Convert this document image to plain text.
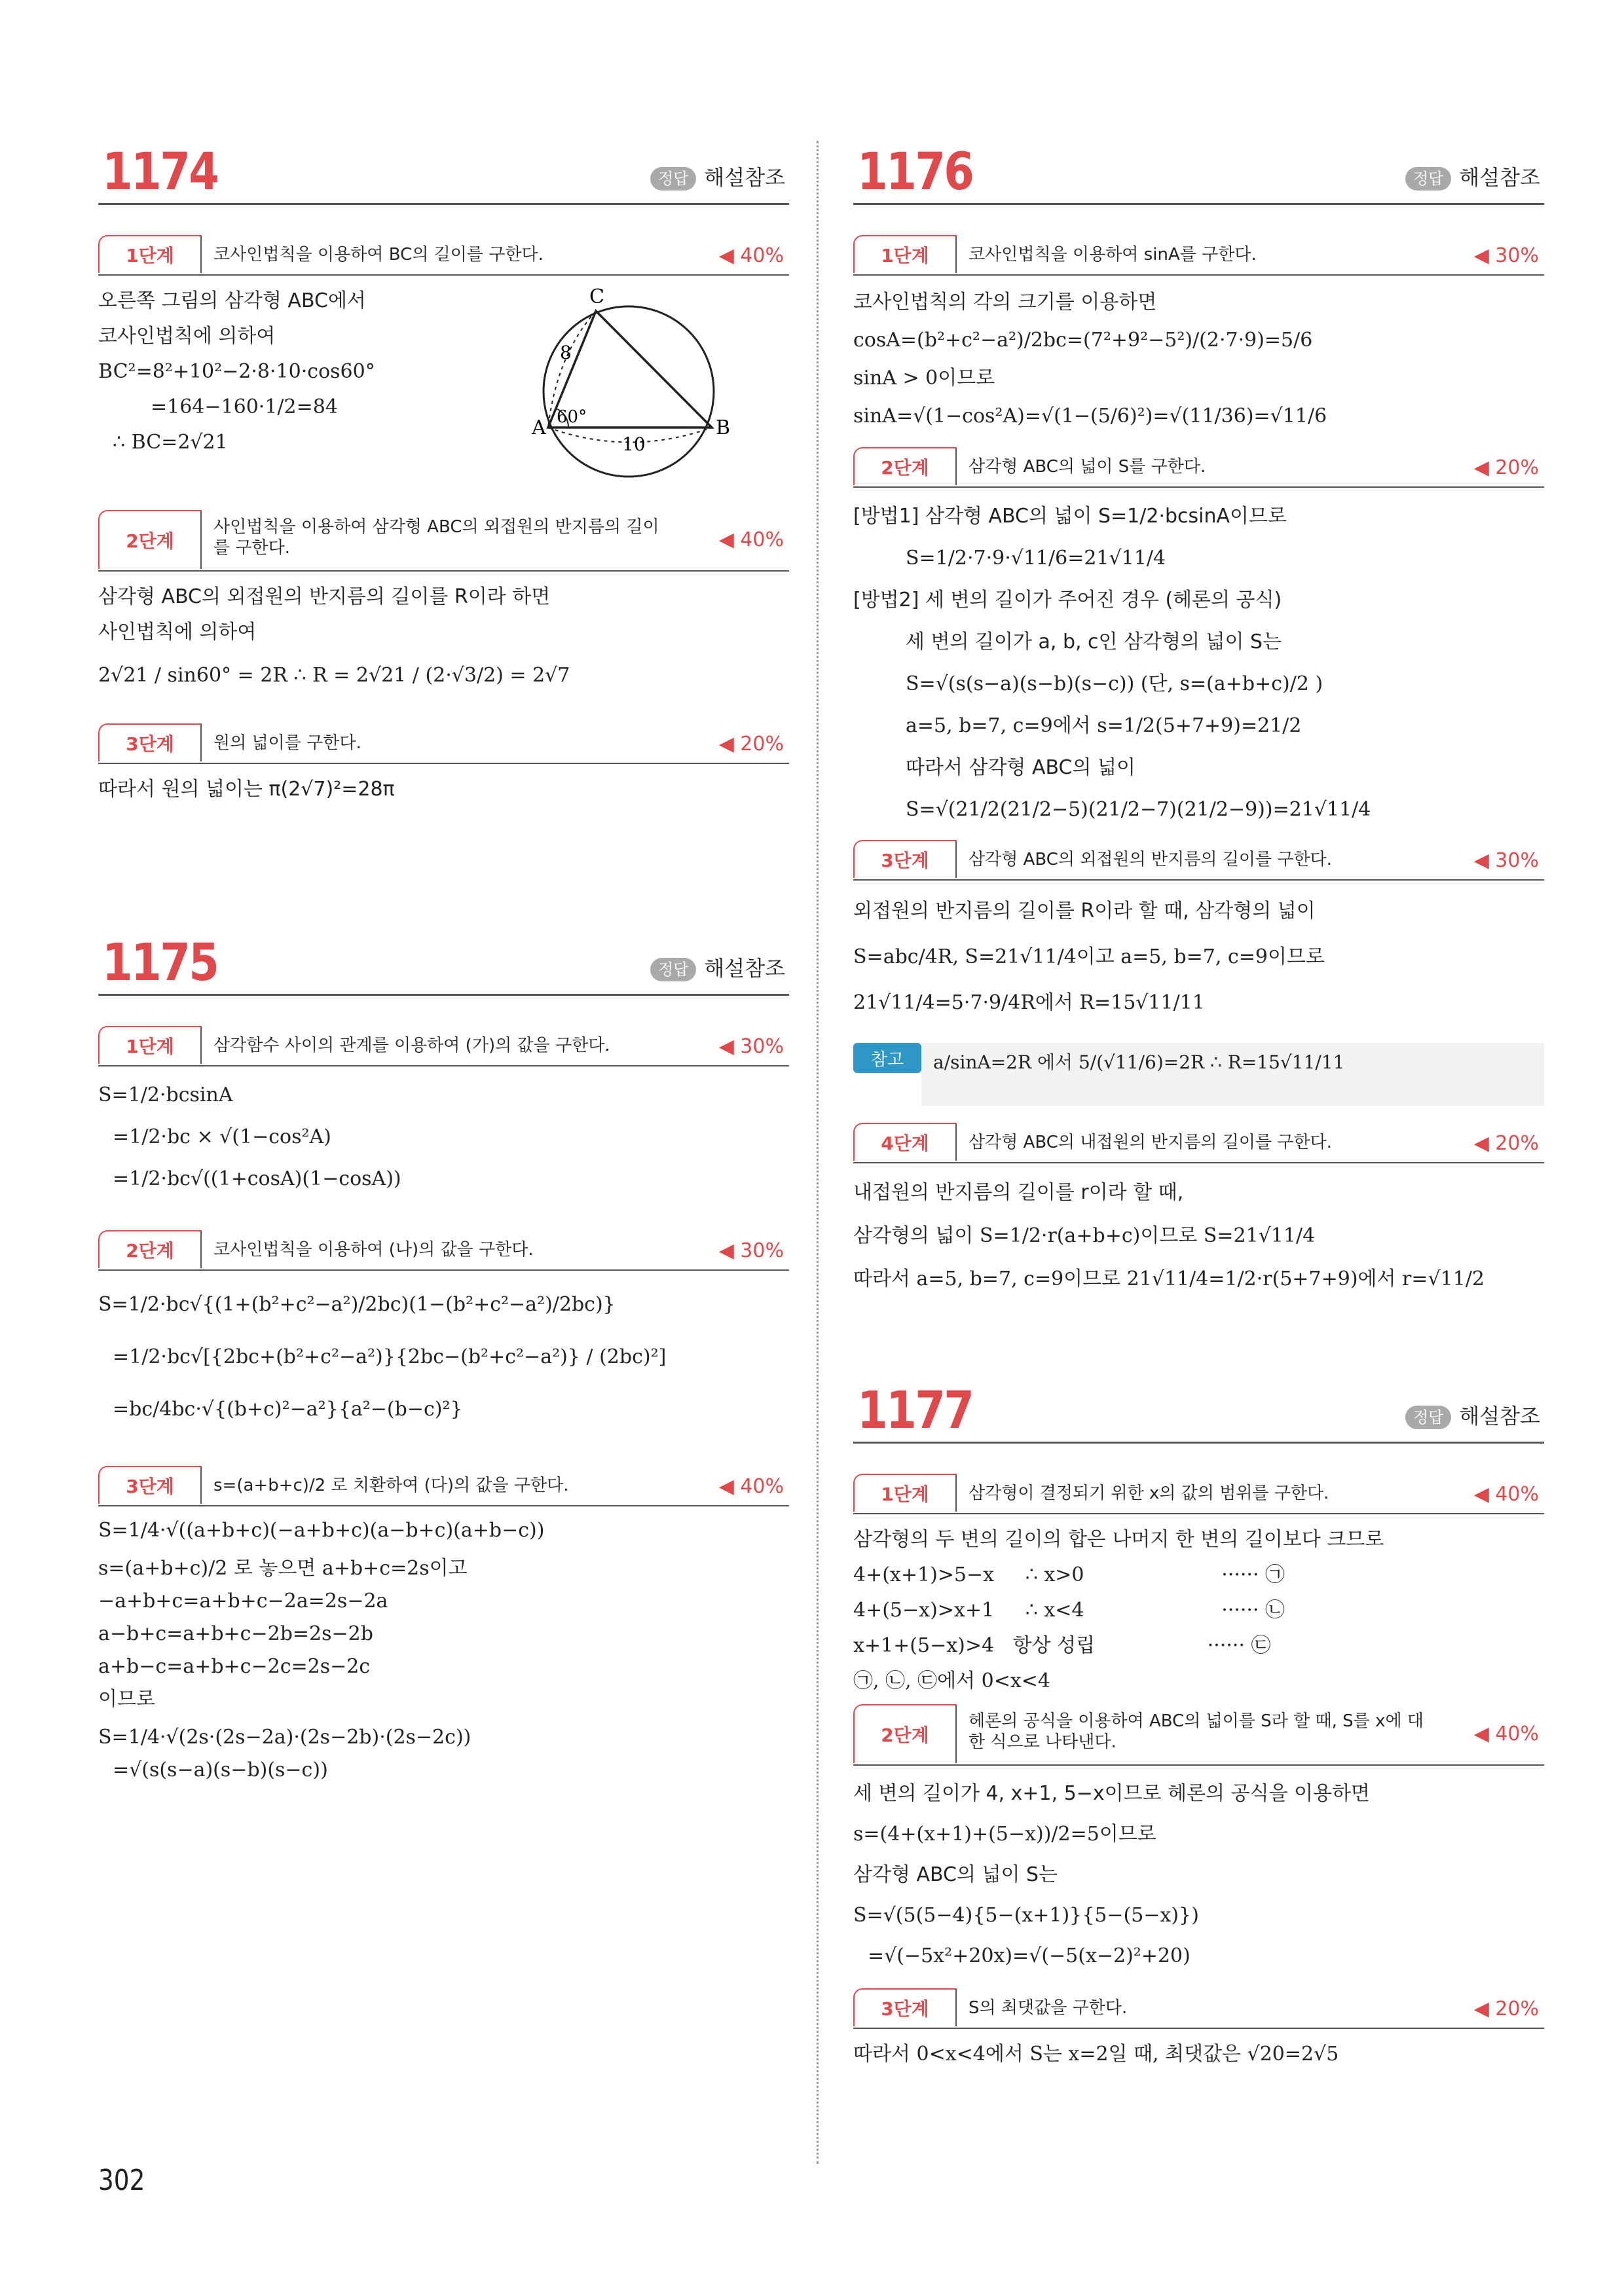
1174	정답 해설참조
1단계	코사인법칙을 이용하여 BC의 길이를 구한다.	◀ 40%
오른쪽 그림의 삼각형 ABC에서
코사인법칙에 의하여
BC²=8²+10²−2·8·10·cos60°
=164−160·1/2=84
∴ BC=2√21
C
A	B
8
60°
10
2단계
사인법칙을 이용하여 삼각형 ABC의 외접원의 반지름의 길이를 구한다.	◀ 40%
삼각형 ABC의 외접원의 반지름의 길이를 R이라 하면
사인법칙에 의하여
2√21 / sin60° = 2R ∴ R = 2√21 / (2·√3/2) = 2√7
3단계	원의 넓이를 구한다.	◀ 20%
따라서 원의 넓이는 π(2√7)²=28π
1175	정답 해설참조
1단계	삼각함수 사이의 관계를 이용하여 (가)의 값을 구한다.	◀ 30%
S=1/2·bcsinA
=1/2·bc × √(1−cos²A)
=1/2·bc√((1+cosA)(1−cosA))
2단계	코사인법칙을 이용하여 (나)의 값을 구한다.	◀ 30%
S=1/2·bc√{(1+(b²+c²−a²)/2bc)(1−(b²+c²−a²)/2bc)}
=1/2·bc√[{2bc+(b²+c²−a²)}{2bc−(b²+c²−a²)} / (2bc)²]
=bc/4bc·√{(b+c)²−a²}{a²−(b−c)²}
3단계	s=(a+b+c)/2 로 치환하여 (다)의 값을 구한다.	◀ 40%
S=1/4·√((a+b+c)(−a+b+c)(a−b+c)(a+b−c))
s=(a+b+c)/2 로 놓으면 a+b+c=2s이고
−a+b+c=a+b+c−2a=2s−2a
a−b+c=a+b+c−2b=2s−2b
a+b−c=a+b+c−2c=2s−2c
이므로
S=1/4·√(2s·(2s−2a)·(2s−2b)·(2s−2c))
=√(s(s−a)(s−b)(s−c))
1176	정답 해설참조
1단계	코사인법칙을 이용하여 sinA를 구한다.	◀ 30%
코사인법칙의 각의 크기를 이용하면
cosA=(b²+c²−a²)/2bc=(7²+9²−5²)/(2·7·9)=5/6
sinA > 0이므로
sinA=√(1−cos²A)=√(1−(5/6)²)=√(11/36)=√11/6
2단계	삼각형 ABC의 넓이 S를 구한다.	◀ 20%
[방법1] 삼각형 ABC의 넓이 S=1/2·bcsinA이므로
S=1/2·7·9·√11/6=21√11/4
[방법2] 세 변의 길이가 주어진 경우 (헤론의 공식)
세 변의 길이가 a, b, c인 삼각형의 넓이 S는
S=√(s(s−a)(s−b)(s−c)) (단, s=(a+b+c)/2 )
a=5, b=7, c=9에서 s=1/2(5+7+9)=21/2
따라서 삼각형 ABC의 넓이
S=√(21/2(21/2−5)(21/2−7)(21/2−9))=21√11/4
3단계	삼각형 ABC의 외접원의 반지름의 길이를 구한다.	◀ 30%
외접원의 반지름의 길이를 R이라 할 때, 삼각형의 넓이
S=abc/4R, S=21√11/4이고 a=5, b=7, c=9이므로
21√11/4=5·7·9/4R에서 R=15√11/11
참고	a/sinA=2R 에서 5/(√11/6)=2R ∴ R=15√11/11
4단계	삼각형 ABC의 내접원의 반지름의 길이를 구한다.	◀ 20%
내접원의 반지름의 길이를 r이라 할 때,
삼각형의 넓이 S=1/2·r(a+b+c)이므로 S=21√11/4
따라서 a=5, b=7, c=9이므로 21√11/4=1/2·r(5+7+9)에서 r=√11/2
1177	정답 해설참조
1단계	삼각형이 결정되기 위한 x의 값의 범위를 구한다.	◀ 40%
삼각형의 두 변의 길이의 합은 나머지 한 변의 길이보다 크므로
4+(x+1)>5−x     ∴ x>0                      ······ ㉠
4+(5−x)>x+1     ∴ x<4                      ······ ㉡
x+1+(5−x)>4   항상 성립                  ······ ㉢
㉠, ㉡, ㉢에서 0<x<4
2단계
헤론의 공식을 이용하여 ABC의 넓이를 S라 할 때, S를 x에 대한 식으로 나타낸다.	◀ 40%
세 변의 길이가 4, x+1, 5−x이므로 헤론의 공식을 이용하면
s=(4+(x+1)+(5−x))/2=5이므로
삼각형 ABC의 넓이 S는
S=√(5(5−4){5−(x+1)}{5−(5−x)})
=√(−5x²+20x)=√(−5(x−2)²+20)
3단계	S의 최댓값을 구한다.	◀ 20%
따라서 0<x<4에서 S는 x=2일 때, 최댓값은 √20=2√5
302
